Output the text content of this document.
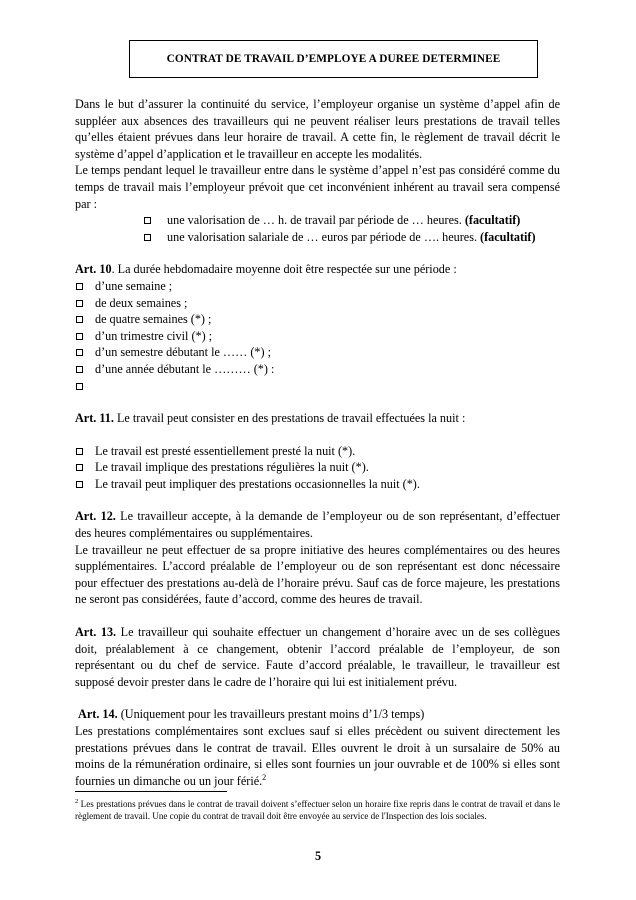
CONTRAT DE TRAVAIL D’EMPLOYE A DUREE DETERMINEE

Dans le but d’assurer la continuité du service, l’employeur organise un système d’appel afin de suppléer aux absences des travailleurs qui ne peuvent réaliser leurs prestations de travail telles qu’elles étaient prévues dans leur horaire de travail. A cette fin, le règlement de travail décrit le système d’appel d’application et le travailleur en accepte les modalités.

Le temps pendant lequel le travailleur entre dans le système d’appel n’est pas considéré comme du temps de travail mais l’employeur prévoit que cet inconvénient inhérent au travail sera compensé par :

une valorisation de … h. de travail par période de … heures. (facultatif)
une valorisation salariale de … euros par période de …. heures. (facultatif)

Art. 10. La durée hebdomadaire moyenne doit être respectée sur une période :

d’une semaine ;
de deux semaines ;
de quatre semaines (*) ;
d’un trimestre civil (*) ;
d’un semestre débutant le …… (*) ;
d’une année débutant le ……… (*) :

Art. 11. Le travail peut consister en des prestations de travail effectuées la nuit :

Le travail est presté essentiellement presté la nuit (*).
Le travail implique des prestations régulières la nuit (*).
Le travail peut impliquer des prestations occasionnelles la nuit (*).

Art. 12. Le travailleur accepte, à la demande de l’employeur ou de son représentant, d’effectuer des heures complémentaires ou supplémentaires.

Le travailleur ne peut effectuer de sa propre initiative des heures complémentaires ou des heures supplémentaires. L’accord préalable de l’employeur ou de son représentant est donc nécessaire pour effectuer des prestations au-delà de l’horaire prévu. Sauf cas de force majeure, les prestations ne seront pas considérées, faute d’accord, comme des heures de travail.

Art. 13. Le travailleur qui souhaite effectuer un changement d’horaire avec un de ses collègues doit, préalablement à ce changement, obtenir l’accord préalable de l’employeur, de son représentant ou du chef de service. Faute d’accord préalable, le travailleur, le travailleur est supposé devoir prester dans le cadre de l’horaire qui lui est initialement prévu.

Art. 14. (Uniquement pour les travailleurs prestant moins d’1/3 temps)

Les prestations complémentaires sont exclues sauf si elles précèdent ou suivent directement les prestations prévues dans le contrat de travail. Elles ouvrent le droit à un sursalaire de 50% au moins de la rémunération ordinaire, si elles sont fournies un jour ouvrable et de 100% si elles sont fournies un dimanche ou un jour férié.$^2$

$^2$ Les prestations prévues dans le contrat de travail doivent s’effectuer selon un horaire fixe repris dans le contrat de travail et dans le règlement de travail. Une copie du contrat de travail doit être envoyée au service de l'Inspection des lois sociales.
5
